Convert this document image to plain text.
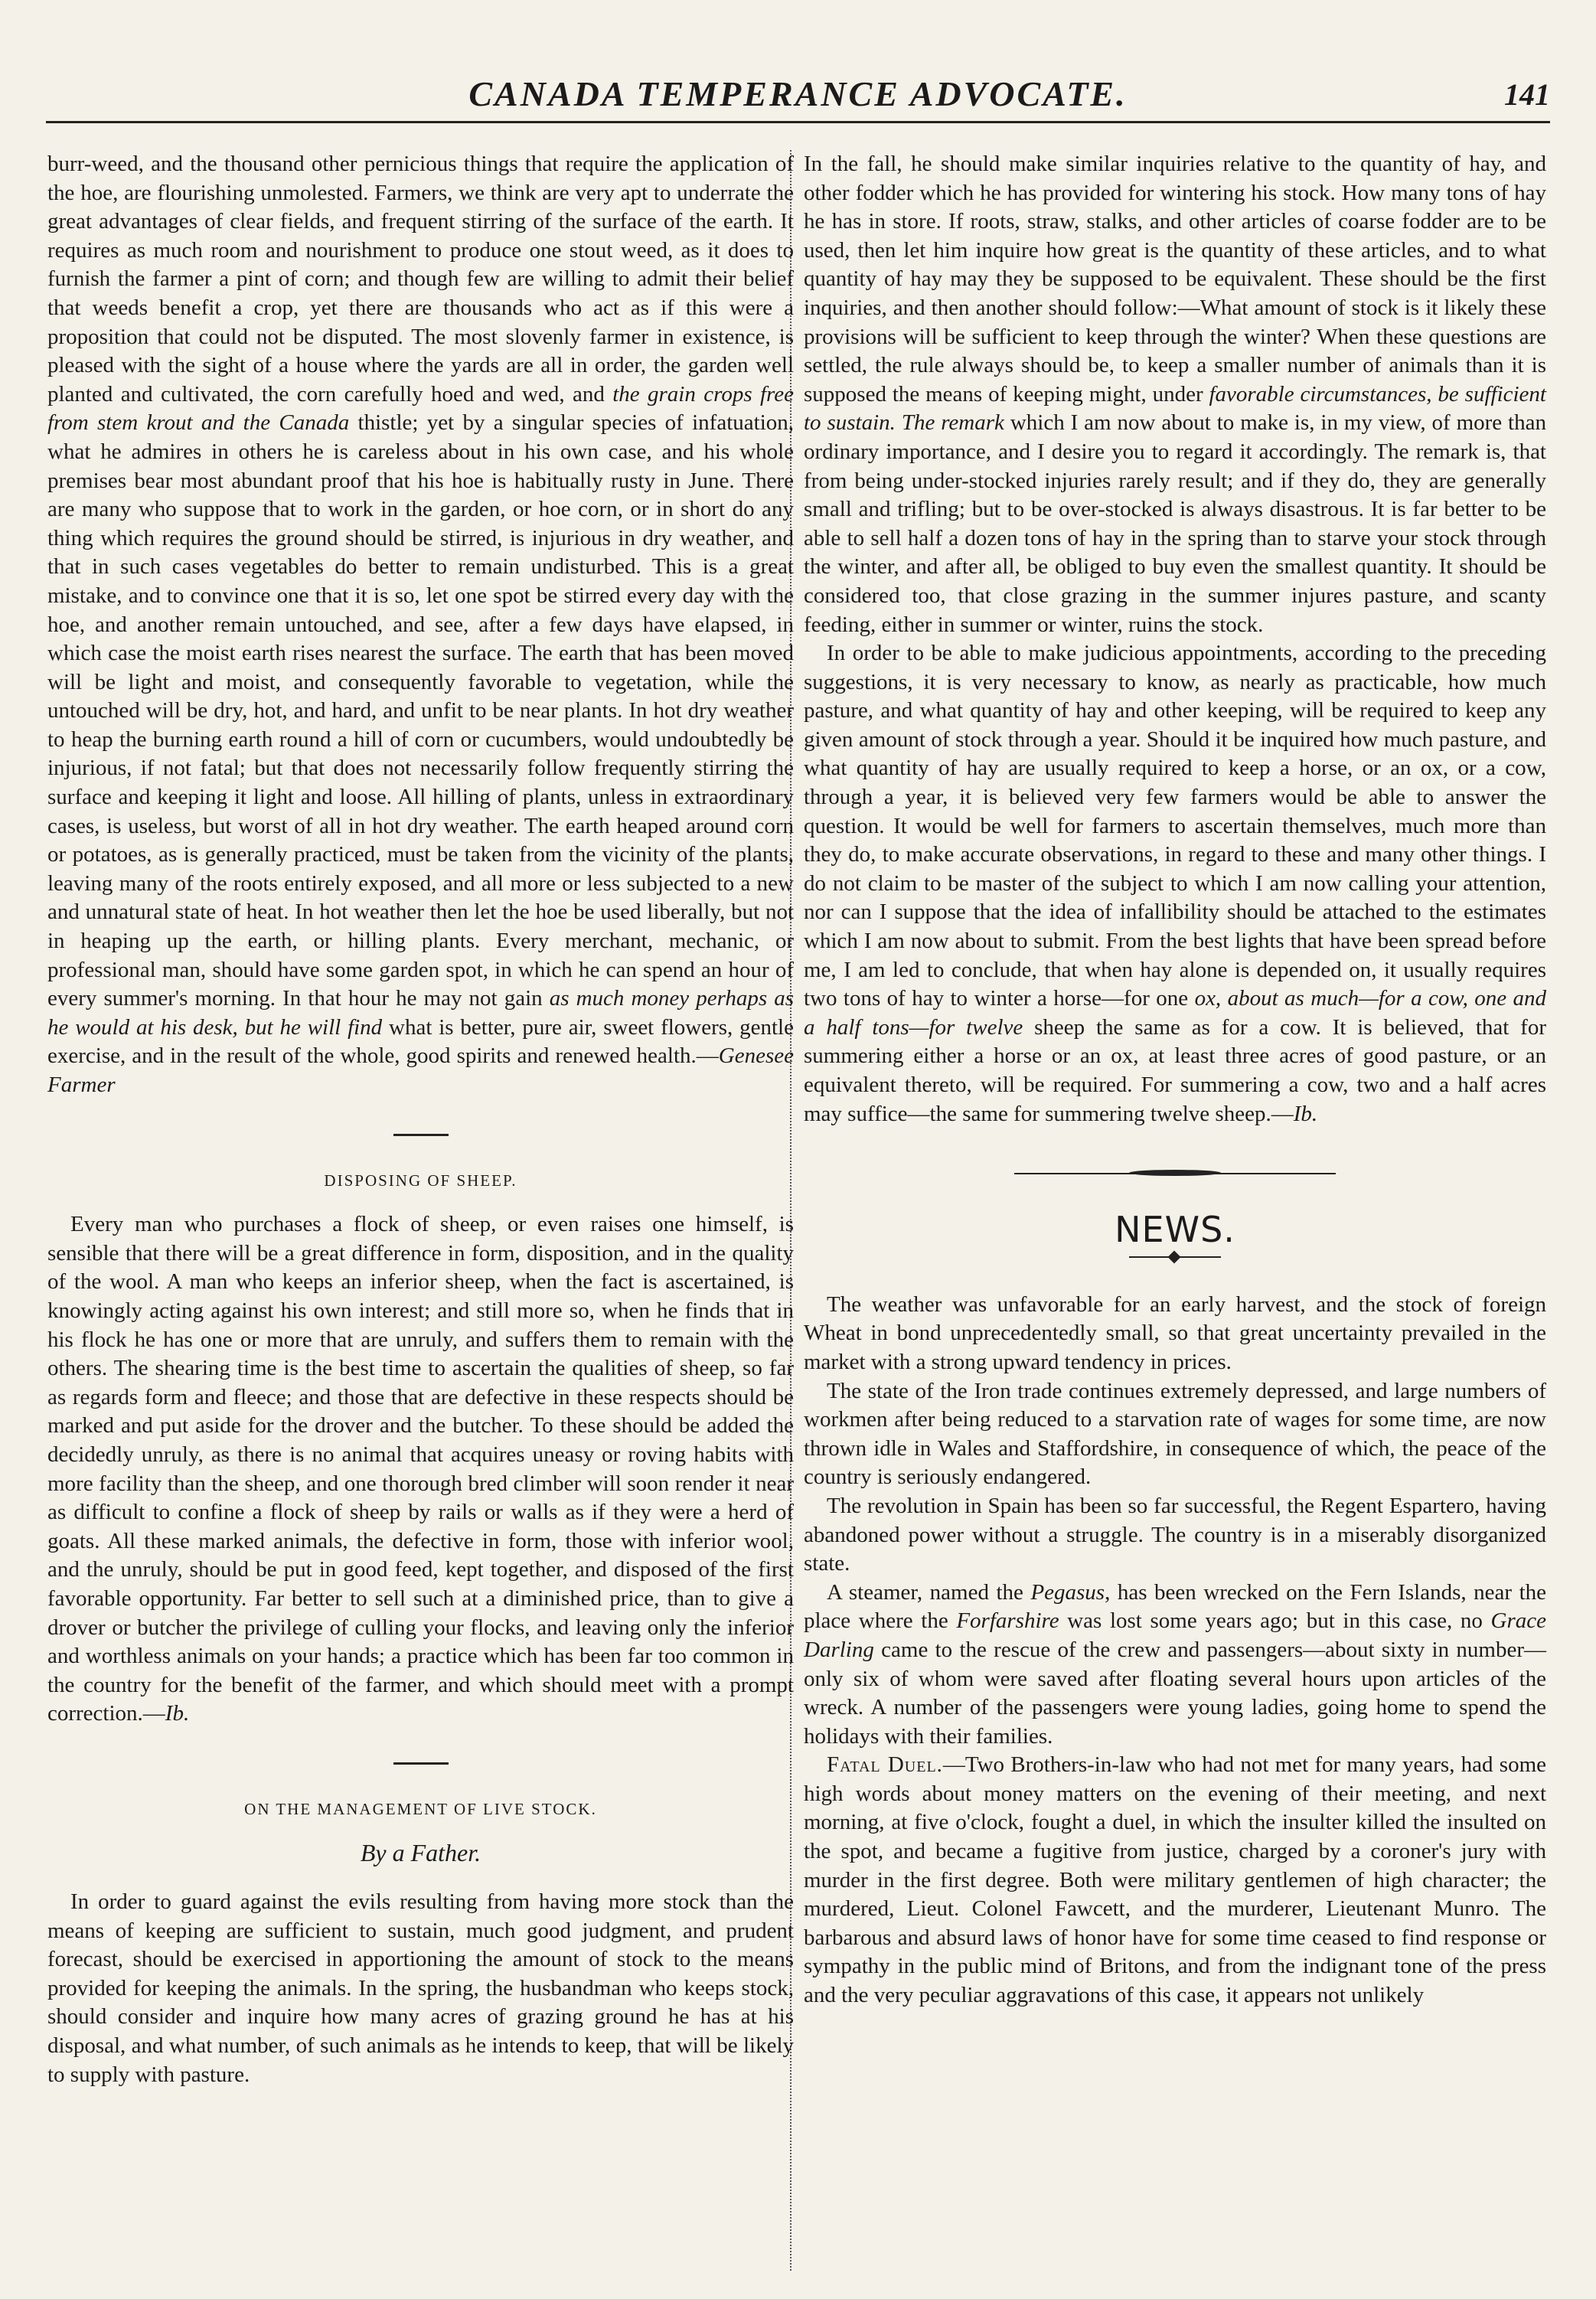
CANADA TEMPERANCE ADVOCATE.	141

burr-weed, and the thousand other pernicious things that require the application of the hoe, are flourishing unmolested. Farmers, we think are very apt to underrate the great advantages of clear fields, and frequent stirring of the surface of the earth. It requires as much room and nourishment to produce one stout weed, as it does to furnish the farmer a pint of corn; and though few are willing to admit their belief that weeds benefit a crop, yet there are thousands who act as if this were a proposition that could not be disputed. The most slovenly farmer in existence, is pleased with the sight of a house where the yards are all in order, the garden well planted and cultivated, the corn carefully hoed and wed, and the grain crops free from stem krout and the Canada thistle; yet by a singular species of infatuation, what he admires in others he is careless about in his own case, and his whole premises bear most abundant proof that his hoe is habitually rusty in June. There are many who suppose that to work in the garden, or hoe corn, or in short do any thing which requires the ground should be stirred, is injurious in dry weather, and that in such cases vegetables do better to remain undisturbed. This is a great mistake, and to convince one that it is so, let one spot be stirred every day with the hoe, and another remain untouched, and see, after a few days have elapsed, in which case the moist earth rises nearest the surface. The earth that has been moved will be light and moist, and consequently favorable to vegetation, while the untouched will be dry, hot, and hard, and unfit to be near plants. In hot dry weather to heap the burning earth round a hill of corn or cucumbers, would undoubtedly be injurious, if not fatal; but that does not necessarily follow frequently stirring the surface and keeping it light and loose. All hilling of plants, unless in extraordinary cases, is useless, but worst of all in hot dry weather. The earth heaped around corn or potatoes, as is generally practiced, must be taken from the vicinity of the plants, leaving many of the roots entirely exposed, and all more or less subjected to a new and unnatural state of heat. In hot weather then let the hoe be used liberally, but not in heaping up the earth, or hilling plants. Every merchant, mechanic, or professional man, should have some garden spot, in which he can spend an hour of every summer's morning. In that hour he may not gain as much money perhaps as he would at his desk, but he will find what is better, pure air, sweet flowers, gentle exercise, and in the result of the whole, good spirits and renewed health.—Genesee Farmer

DISPOSING OF SHEEP.

Every man who purchases a flock of sheep, or even raises one himself, is sensible that there will be a great difference in form, disposition, and in the quality of the wool. A man who keeps an inferior sheep, when the fact is ascertained, is knowingly acting against his own interest; and still more so, when he finds that in his flock he has one or more that are unruly, and suffers them to remain with the others. The shearing time is the best time to ascertain the qualities of sheep, so far as regards form and fleece; and those that are defective in these respects should be marked and put aside for the drover and the butcher. To these should be added the decidedly unruly, as there is no animal that acquires uneasy or roving habits with more facility than the sheep, and one thorough bred climber will soon render it near as difficult to confine a flock of sheep by rails or walls as if they were a herd of goats. All these marked animals, the defective in form, those with inferior wool, and the unruly, should be put in good feed, kept together, and disposed of the first favorable opportunity. Far better to sell such at a diminished price, than to give a drover or butcher the privilege of culling your flocks, and leaving only the inferior and worthless animals on your hands; a practice which has been far too common in the country for the benefit of the farmer, and which should meet with a prompt correction.—Ib.

ON THE MANAGEMENT OF LIVE STOCK.
By a Father.

In order to guard against the evils resulting from having more stock than the means of keeping are sufficient to sustain, much good judgment, and prudent forecast, should be exercised in apportioning the amount of stock to the means provided for keeping the animals. In the spring, the husbandman who keeps stock, should consider and inquire how many acres of grazing ground he has at his disposal, and what number, of such animals as he intends to keep, that will be likely to supply with pasture.

In the fall, he should make similar inquiries relative to the quantity of hay, and other fodder which he has provided for wintering his stock. How many tons of hay he has in store. If roots, straw, stalks, and other articles of coarse fodder are to be used, then let him inquire how great is the quantity of these articles, and to what quantity of hay may they be supposed to be equivalent. These should be the first inquiries, and then another should follow:—What amount of stock is it likely these provisions will be sufficient to keep through the winter? When these questions are settled, the rule always should be, to keep a smaller number of animals than it is supposed the means of keeping might, under favorable circumstances, be sufficient to sustain. The remark which I am now about to make is, in my view, of more than ordinary importance, and I desire you to regard it accordingly. The remark is, that from being under-stocked injuries rarely result; and if they do, they are generally small and trifling; but to be over-stocked is always disastrous. It is far better to be able to sell half a dozen tons of hay in the spring than to starve your stock through the winter, and after all, be obliged to buy even the smallest quantity. It should be considered too, that close grazing in the summer injures pasture, and scanty feeding, either in summer or winter, ruins the stock.

In order to be able to make judicious appointments, according to the preceding suggestions, it is very necessary to know, as nearly as practicable, how much pasture, and what quantity of hay and other keeping, will be required to keep any given amount of stock through a year. Should it be inquired how much pasture, and what quantity of hay are usually required to keep a horse, or an ox, or a cow, through a year, it is believed very few farmers would be able to answer the question. It would be well for farmers to ascertain themselves, much more than they do, to make accurate observations, in regard to these and many other things. I do not claim to be master of the subject to which I am now calling your attention, nor can I suppose that the idea of infallibility should be attached to the estimates which I am now about to submit. From the best lights that have been spread before me, I am led to conclude, that when hay alone is depended on, it usually requires two tons of hay to winter a horse—for one ox, about as much—for a cow, one and a half tons—for twelve sheep the same as for a cow. It is believed, that for summering either a horse or an ox, at least three acres of good pasture, or an equivalent thereto, will be required. For summering a cow, two and a half acres may suffice—the same for summering twelve sheep.—Ib.

NEWS.

The weather was unfavorable for an early harvest, and the stock of foreign Wheat in bond unprecedentedly small, so that great uncertainty prevailed in the market with a strong upward tendency in prices.

The state of the Iron trade continues extremely depressed, and large numbers of workmen after being reduced to a starvation rate of wages for some time, are now thrown idle in Wales and Staffordshire, in consequence of which, the peace of the country is seriously endangered.

The revolution in Spain has been so far successful, the Regent Espartero, having abandoned power without a struggle. The country is in a miserably disorganized state.

A steamer, named the Pegasus, has been wrecked on the Fern Islands, near the place where the Forfarshire was lost some years ago; but in this case, no Grace Darling came to the rescue of the crew and passengers—about sixty in number—only six of whom were saved after floating several hours upon articles of the wreck. A number of the passengers were young ladies, going home to spend the holidays with their families.

Fatal Duel.—Two Brothers-in-law who had not met for many years, had some high words about money matters on the evening of their meeting, and next morning, at five o'clock, fought a duel, in which the insulter killed the insulted on the spot, and became a fugitive from justice, charged by a coroner's jury with murder in the first degree. Both were military gentlemen of high character; the murdered, Lieut. Colonel Fawcett, and the murderer, Lieutenant Munro. The barbarous and absurd laws of honor have for some time ceased to find response or sympathy in the public mind of Britons, and from the indignant tone of the press and the very peculiar aggravations of this case, it appears not unlikely
